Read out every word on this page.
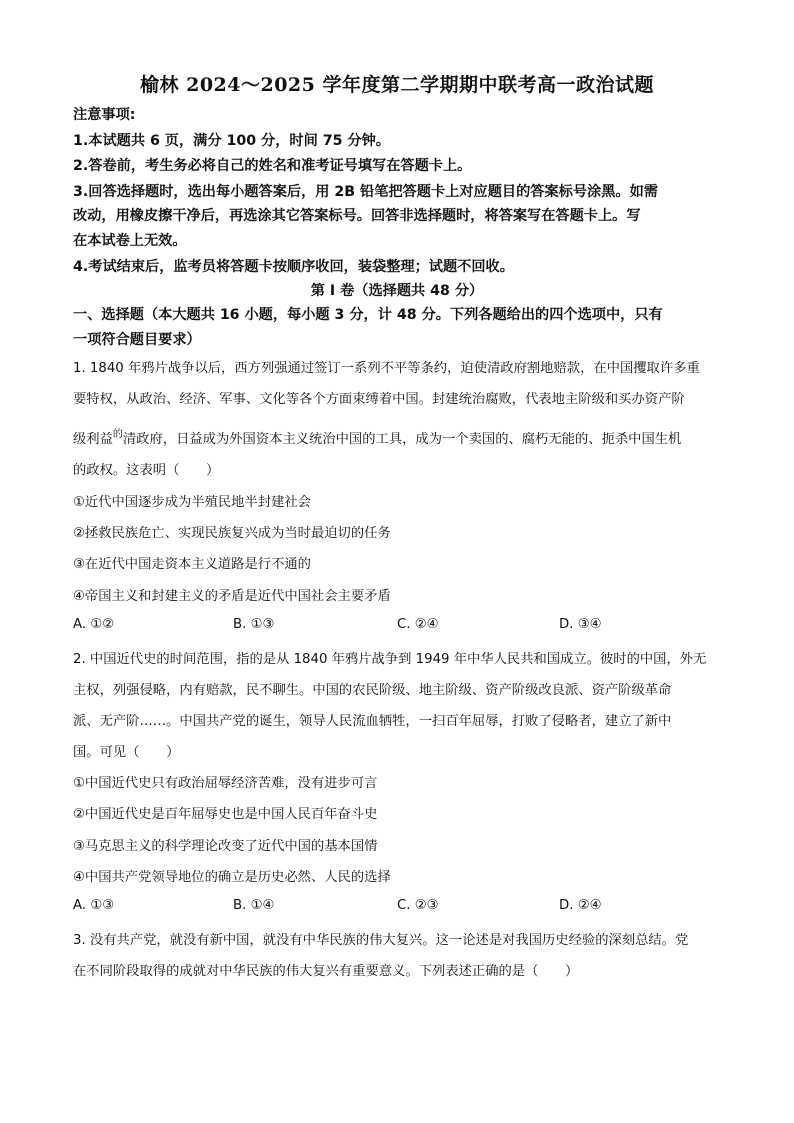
榆林 2024～2025 学年度第二学期期中联考高一政治试题
注意事项:
1.本试题共 6 页，满分 100 分，时间 75 分钟。
2.答卷前，考生务必将自己的姓名和准考证号填写在答题卡上。
3.回答选择题时，选出每小题答案后，用 2B 铅笔把答题卡上对应题目的答案标号涂黑。如需
改动，用橡皮擦干净后，再选涂其它答案标号。回答非选择题时，将答案写在答题卡上。写
在本试卷上无效。
4.考试结束后，监考员将答题卡按顺序收回，装袋整理；试题不回收。
第 Ⅰ 卷（选择题共 48 分）
一、选择题（本大题共 16 小题，每小题 3 分，计 48 分。下列各题给出的四个选项中，只有
一项符合题目要求）
1. 1840 年鸦片战争以后，西方列强通过签订一系列不平等条约，迫使清政府割地赔款，在中国攫取许多重
要特权，从政治、经济、军事、文化等各个方面束缚着中国。封建统治腐败，代表地主阶级和买办资产阶
级利益$^的$清政府，日益成为外国资本主义统治中国的工具，成为一个卖国的、腐朽无能的、扼杀中国生机
的政权。这表明（　　）
①近代中国逐步成为半殖民地半封建社会
②拯救民族危亡、实现民族复兴成为当时最迫切的任务
③在近代中国走资本主义道路是行不通的
④帝国主义和封建主义的矛盾是近代中国社会主要矛盾
A. ①②	B. ①③	C. ②④	D. ③④
2. 中国近代史的时间范围，指的是从 1840 年鸦片战争到 1949 年中华人民共和国成立。彼时的中国，外无
主权，列强侵略，内有赔款，民不聊生。中国的农民阶级、地主阶级、资产阶级改良派、资产阶级革命
派、无产阶……。中国共产党的诞生，领导人民流血牺牲，一扫百年屈辱，打败了侵略者，建立了新中
国。可见（　　）
①中国近代史只有政治屈辱经济苦难，没有进步可言
②中国近代史是百年屈辱史也是中国人民百年奋斗史
③马克思主义的科学理论改变了近代中国的基本国情
④中国共产党领导地位的确立是历史必然、人民的选择
A. ①③	B. ①④	C. ②③	D. ②④
3. 没有共产党，就没有新中国，就没有中华民族的伟大复兴。这一论述是对我国历史经验的深刻总结。党
在不同阶段取得的成就对中华民族的伟大复兴有重要意义。下列表述正确的是（　　）
